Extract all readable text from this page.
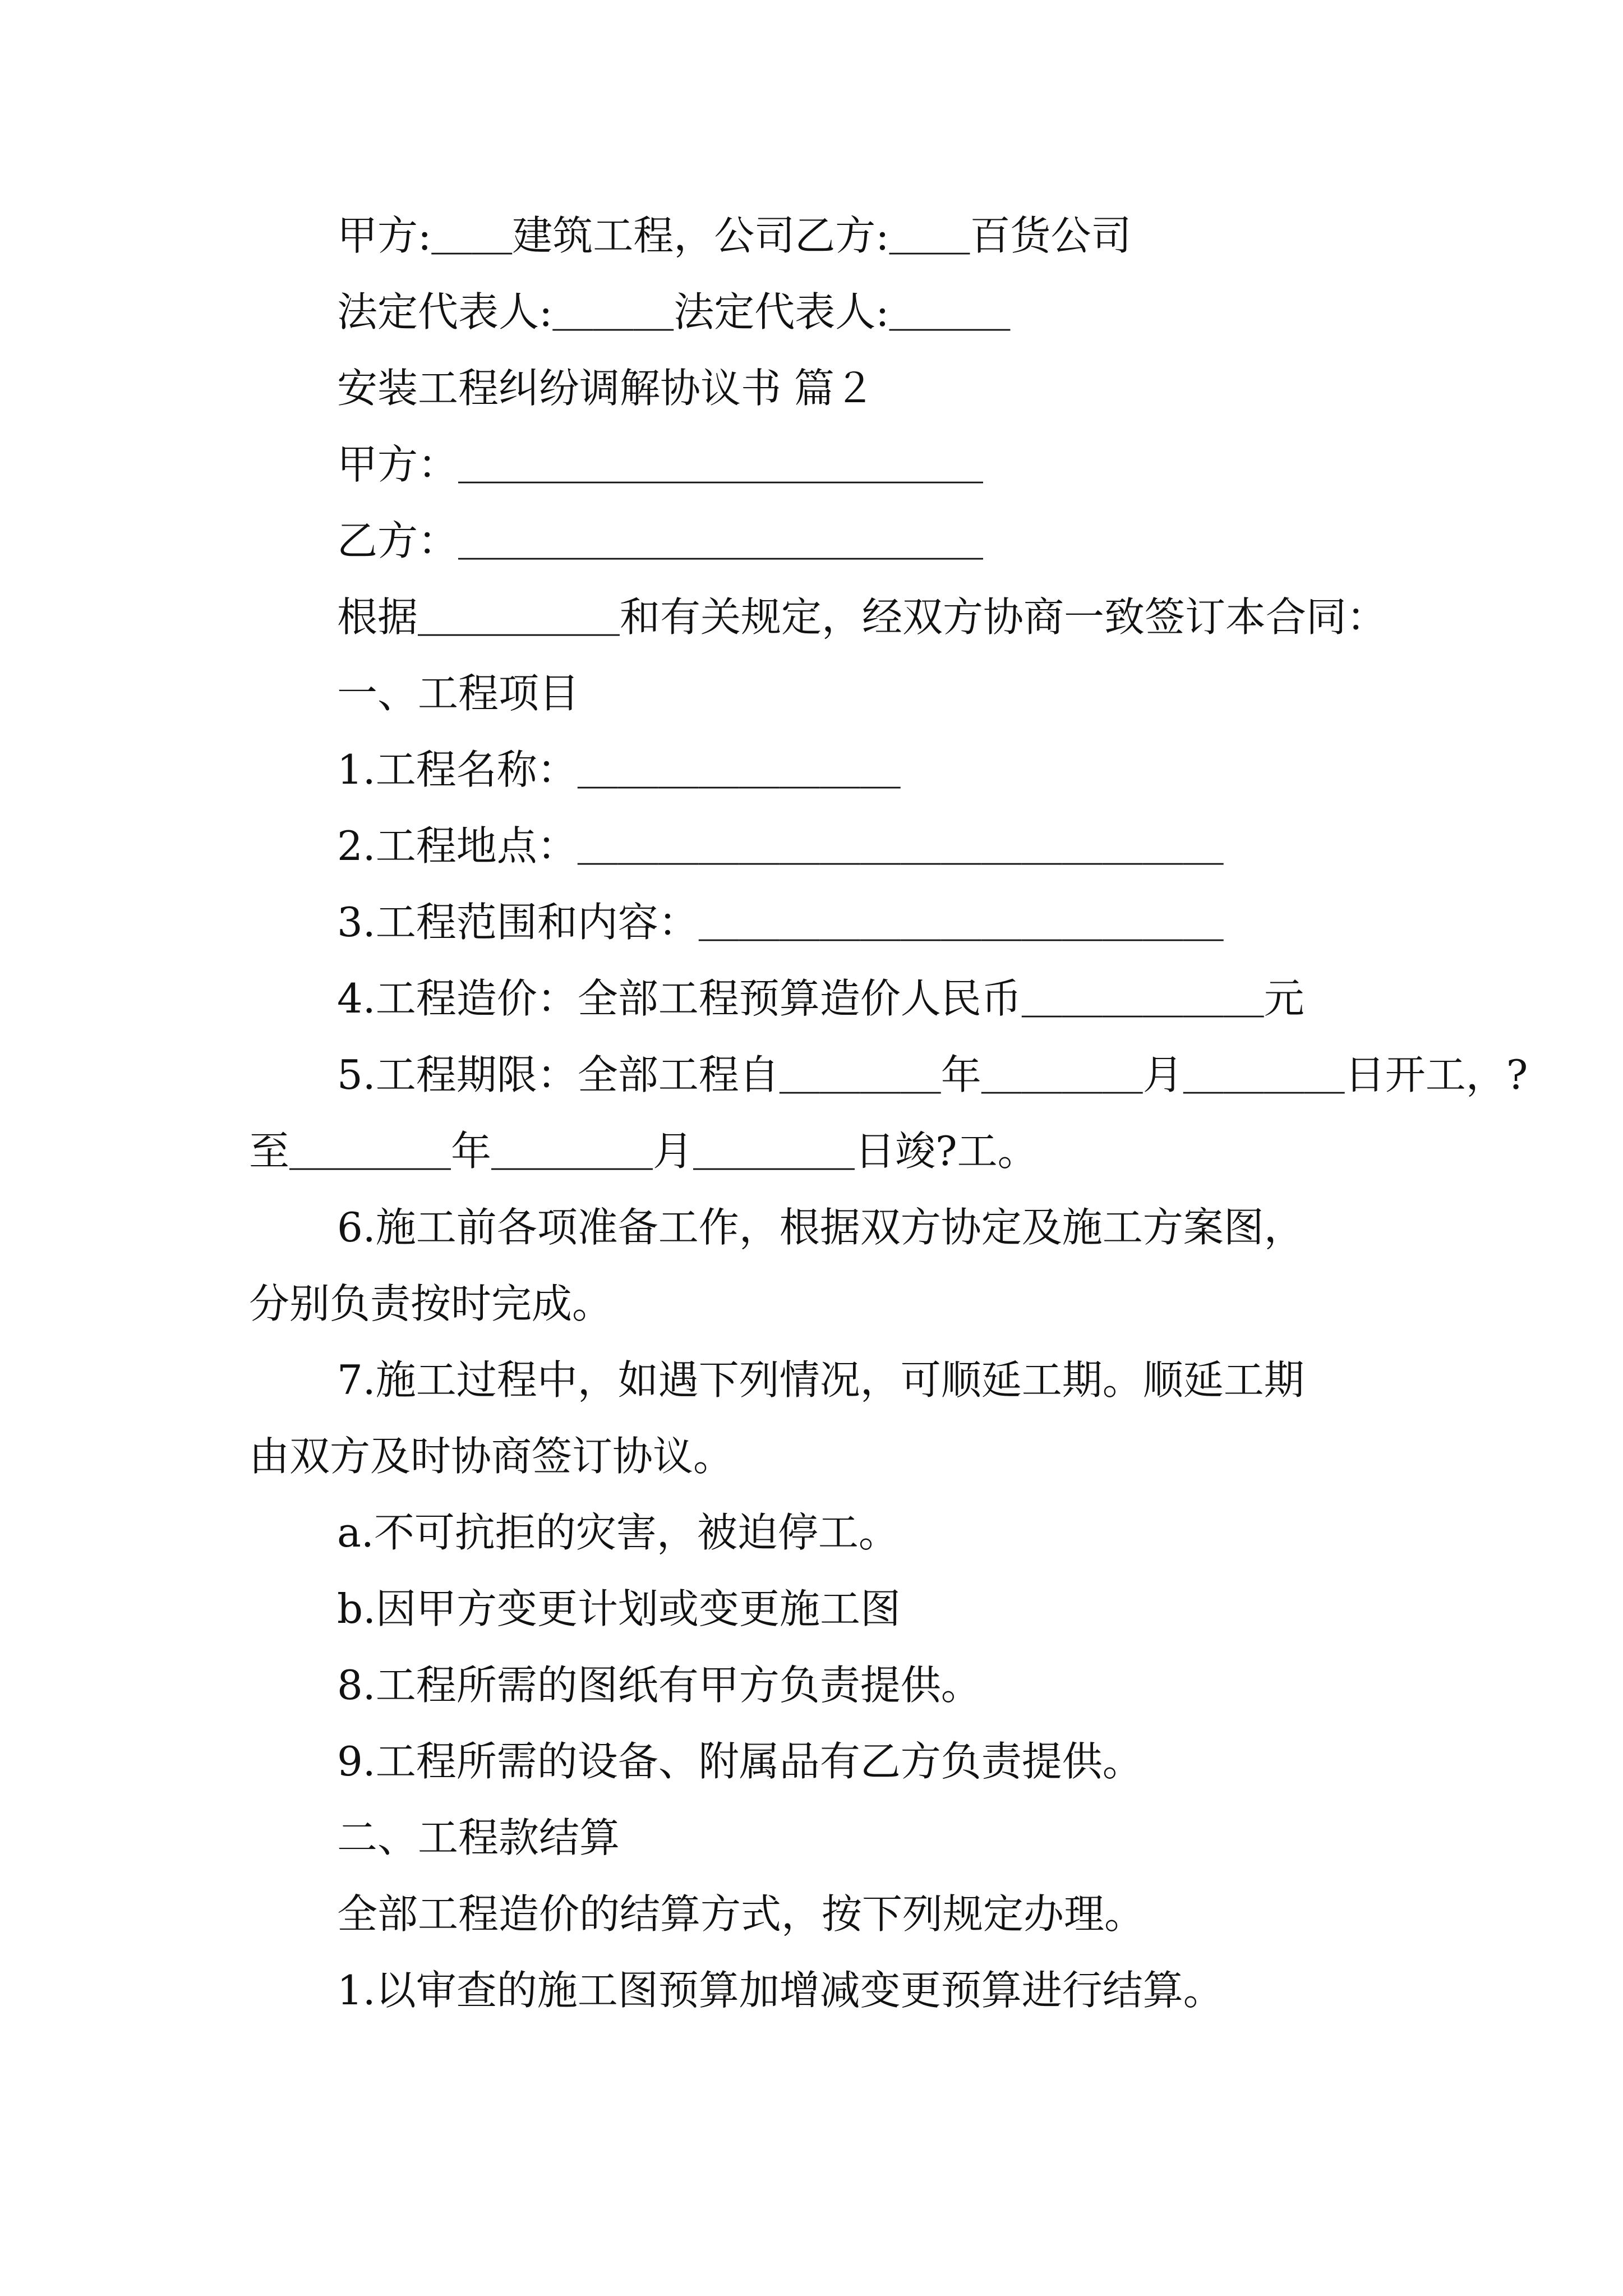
甲方:＿＿建筑工程，公司乙方:＿＿百货公司
法定代表人:＿＿＿法定代表人:＿＿＿
安装工程纠纷调解协议书 篇２
甲方：＿＿＿＿＿＿＿＿＿＿＿＿＿
乙方：＿＿＿＿＿＿＿＿＿＿＿＿＿
根据＿＿＿＿＿和有关规定，经双方协商一致签订本合同：
一、工程项目
1.工程名称：＿＿＿＿＿＿＿＿
2.工程地点：＿＿＿＿＿＿＿＿＿＿＿＿＿＿＿＿
3.工程范围和内容：＿＿＿＿＿＿＿＿＿＿＿＿＿
4.工程造价：全部工程预算造价人民币＿＿＿＿＿＿元
5.工程期限：全部工程自＿＿＿＿年＿＿＿＿月＿＿＿＿日开工，?
至＿＿＿＿年＿＿＿＿月＿＿＿＿日竣?工。
6.施工前各项准备工作，根据双方协定及施工方案图，
分别负责按时完成。
7.施工过程中，如遇下列情况，可顺延工期。顺延工期
由双方及时协商签订协议。
a.不可抗拒的灾害，被迫停工。
b.因甲方变更计划或变更施工图
8.工程所需的图纸有甲方负责提供。
9.工程所需的设备、附属品有乙方负责提供。
二、工程款结算
全部工程造价的结算方式，按下列规定办理。
1.以审查的施工图预算加增减变更预算进行结算。
